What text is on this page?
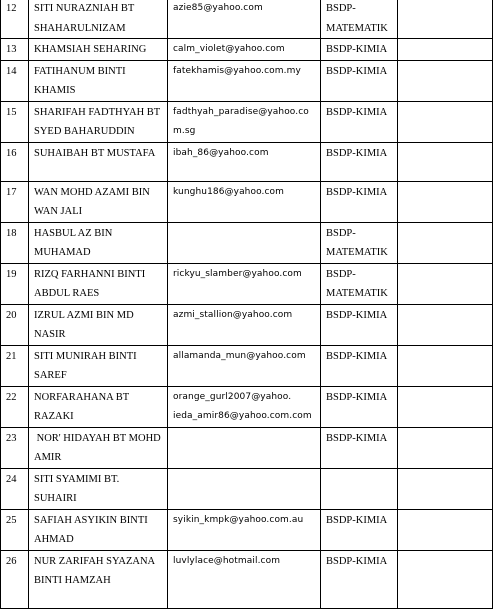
12	SITI NURAZNIAH BT SHAHARULNIZAM	azie85@yahoo.com	BSDP-MATEMATIK	
13	KHAMSIAH SEHARING	calm_violet@yahoo.com	BSDP-KIMIA	
14	FATIHANUM BINTI KHAMIS	fatekhamis@yahoo.com.my	BSDP-KIMIA	
15	SHARIFAH FADTHYAH BT SYED BAHARUDDIN	fadthyah_paradise@yahoo.com.sg	BSDP-KIMIA	
16	SUHAIBAH BT MUSTAFA	ibah_86@yahoo.com	BSDP-KIMIA	
17	WAN MOHD AZAMI BIN WAN JALI	kunghu186@yahoo.com	BSDP-KIMIA	
18	HASBUL AZ BIN MUHAMAD		BSDP-MATEMATIK	
19	RIZQ FARHANNI BINTI ABDUL RAES	rickyu_slamber@yahoo.com	BSDP-MATEMATIK	
20	IZRUL AZMI BIN MD NASIR	azmi_stallion@yahoo.com	BSDP-KIMIA	
21	SITI MUNIRAH BINTI SAREF	allamanda_mun@yahoo.com	BSDP-KIMIA	
22	NORFARAHANA BT RAZAKI	orange_gurl2007@yahoo.
ieda_amir86@yahoo.com.com	BSDP-KIMIA	
23	NOR' HIDAYAH BT MOHD AMIR		BSDP-KIMIA	
24	SITI SYAMIMI BT. SUHAIRI			
25	SAFIAH ASYIKIN BINTI AHMAD	syikin_kmpk@yahoo.com.au	BSDP-KIMIA	
26	NUR ZARIFAH SYAZANA BINTI HAMZAH	luvlylace@hotmail.com	BSDP-KIMIA	
